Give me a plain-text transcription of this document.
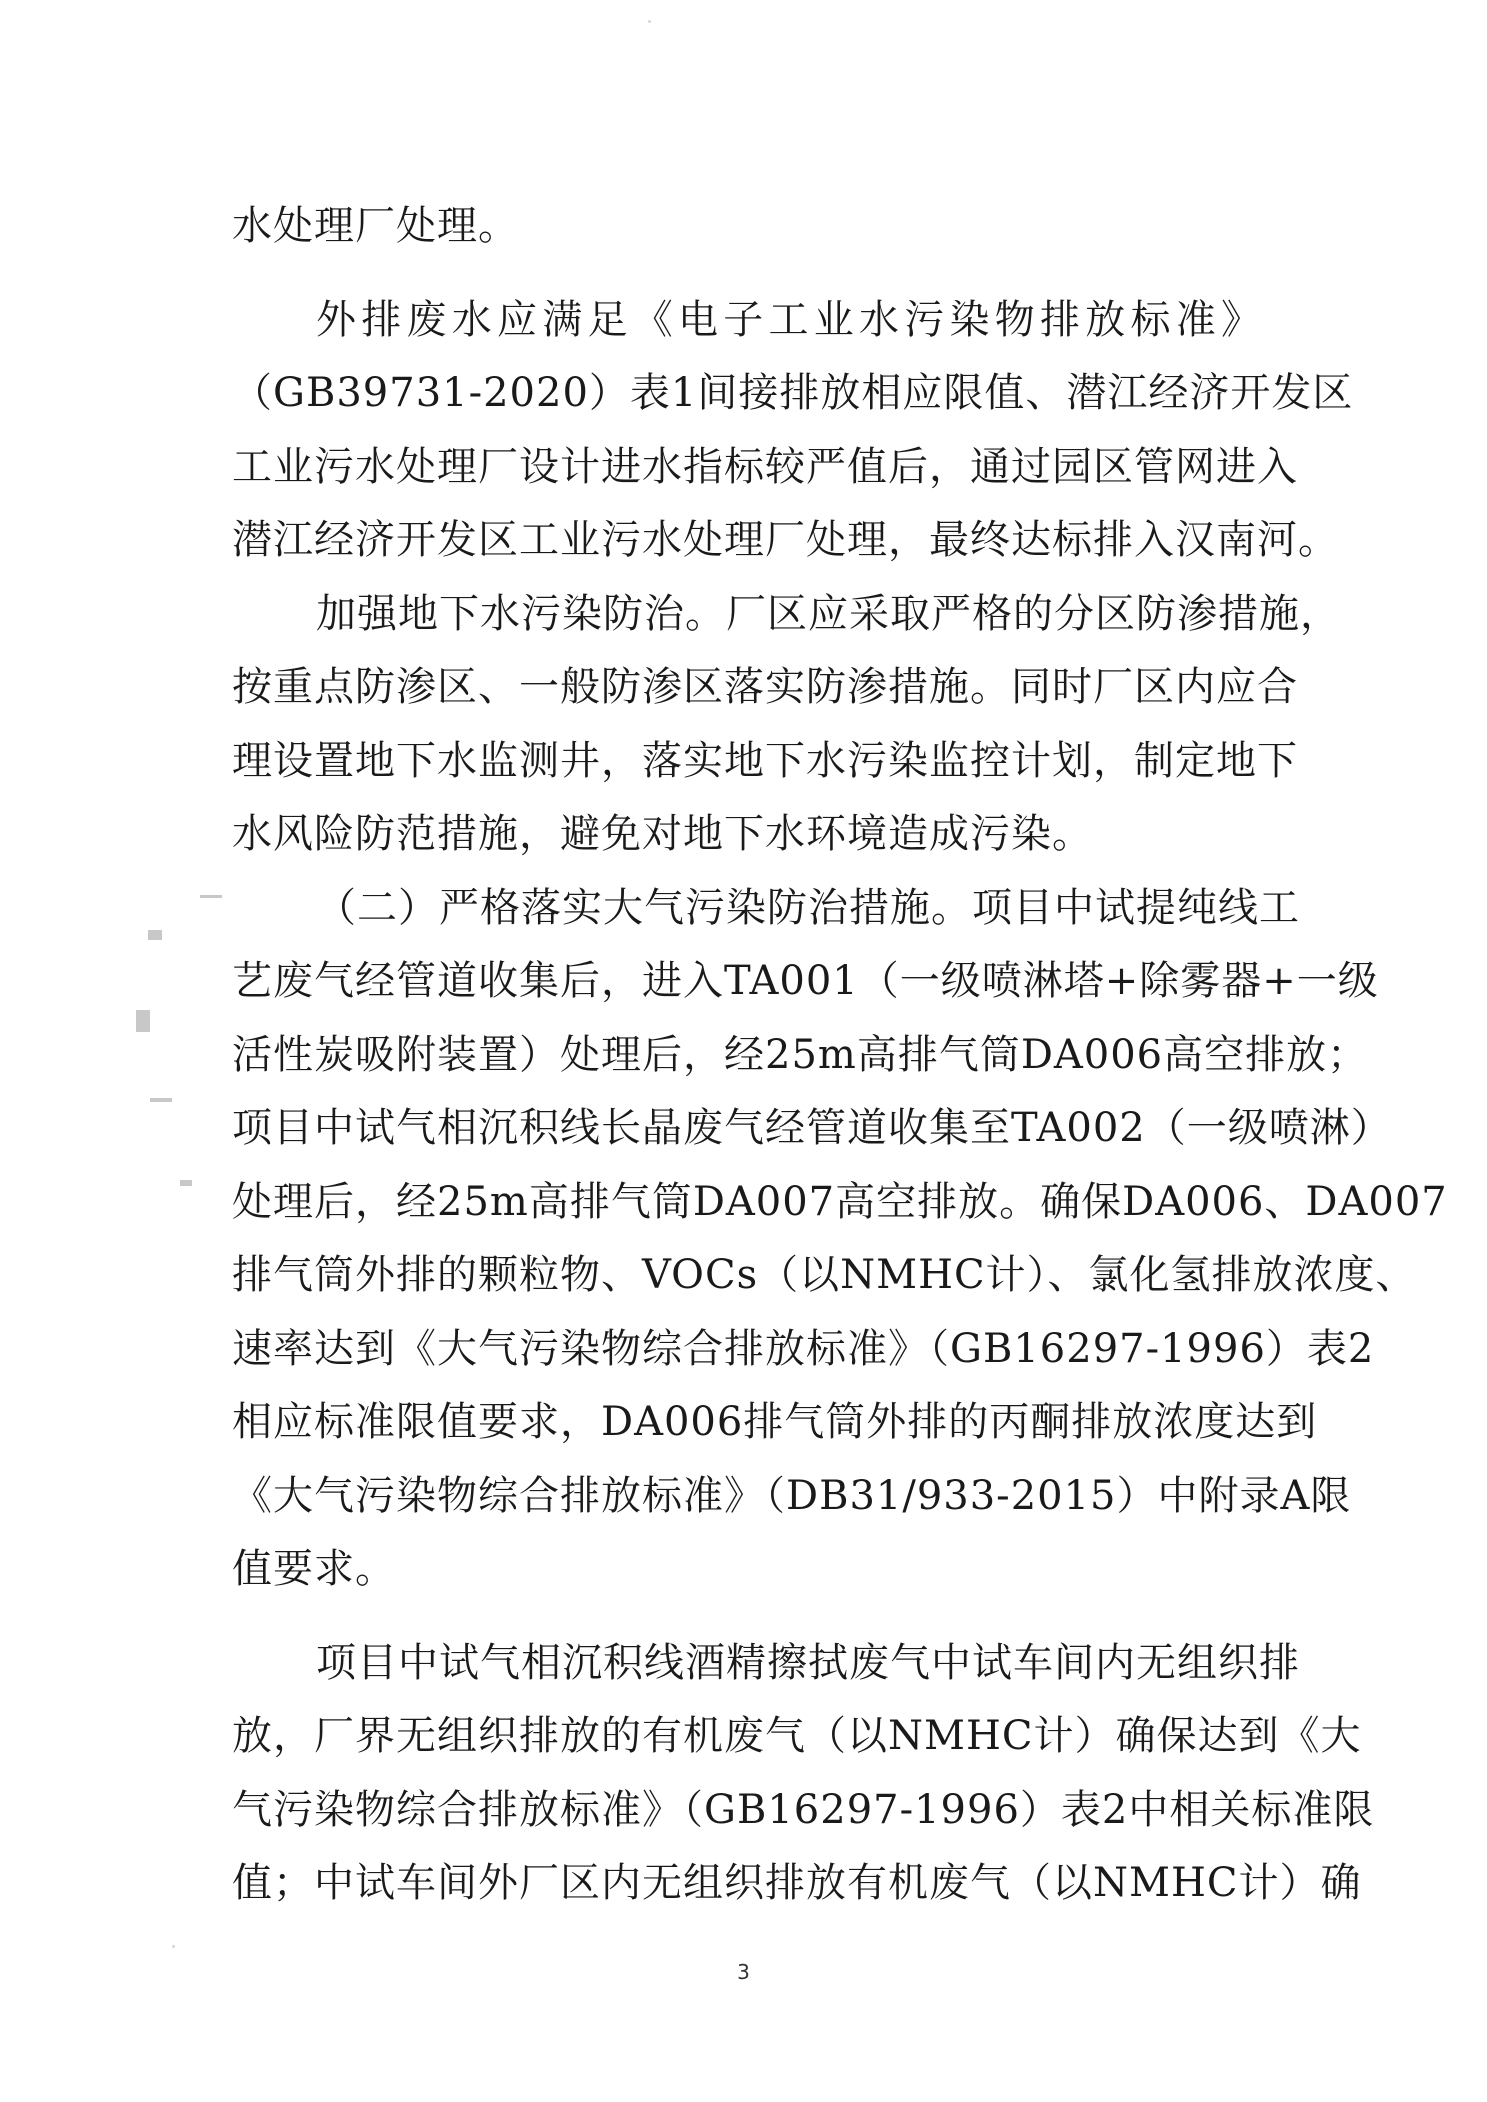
水处理厂处理。
外排废水应满足《电子工业水污染物排放标准》
（GB39731-2020）表1间接排放相应限值、潜江经济开发区
工业污水处理厂设计进水指标较严值后，通过园区管网进入
潜江经济开发区工业污水处理厂处理，最终达标排入汉南河。
加强地下水污染防治。厂区应采取严格的分区防渗措施，
按重点防渗区、一般防渗区落实防渗措施。同时厂区内应合
理设置地下水监测井，落实地下水污染监控计划，制定地下
水风险防范措施，避免对地下水环境造成污染。
（二）严格落实大气污染防治措施。项目中试提纯线工
艺废气经管道收集后，进入TA001（一级喷淋塔+除雾器+一级
活性炭吸附装置）处理后，经25m高排气筒DA006高空排放；
项目中试气相沉积线长晶废气经管道收集至TA002（一级喷淋）
处理后，经25m高排气筒DA007高空排放。确保DA006、DA007
排气筒外排的颗粒物、VOCs（以NMHC计）、氯化氢排放浓度、
速率达到《大气污染物综合排放标准》（GB16297-1996）表2
相应标准限值要求，DA006排气筒外排的丙酮排放浓度达到
《大气污染物综合排放标准》（DB31/933-2015）中附录A限
值要求。
项目中试气相沉积线酒精擦拭废气中试车间内无组织排
放，厂界无组织排放的有机废气（以NMHC计）确保达到《大
气污染物综合排放标准》（GB16297-1996）表2中相关标准限
值；中试车间外厂区内无组织排放有机废气（以NMHC计）确
3
